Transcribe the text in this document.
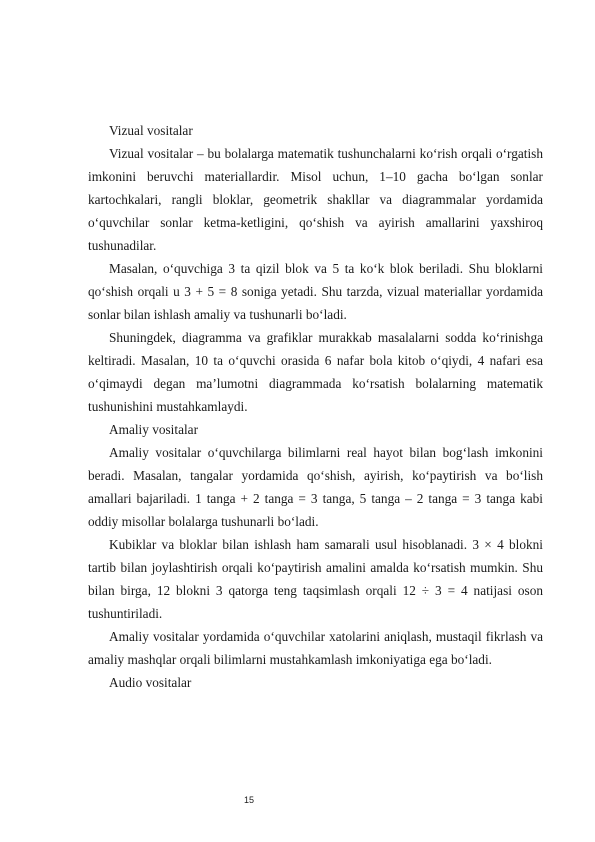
Vizual vositalar

Vizual vositalar – bu bolalarga matematik tushunchalarni ko‘rish orqali o‘rgatish imkonini beruvchi materiallardir. Misol uchun, 1–10 gacha bo‘lgan sonlar kartochkalari, rangli bloklar, geometrik shakllar va diagrammalar yordamida o‘quvchilar sonlar ketma-ketligini, qo‘shish va ayirish amallarini yaxshiroq tushunadilar.

Masalan, o‘quvchiga 3 ta qizil blok va 5 ta ko‘k blok beriladi. Shu bloklarni qo‘shish orqali u 3 + 5 = 8 soniga yetadi. Shu tarzda, vizual materiallar yordamida sonlar bilan ishlash amaliy va tushunarli bo‘ladi.

Shuningdek, diagramma va grafiklar murakkab masalalarni sodda ko‘rinishga keltiradi. Masalan, 10 ta o‘quvchi orasida 6 nafar bola kitob o‘qiydi, 4 nafari esa o‘qimaydi degan ma’lumotni diagrammada ko‘rsatish bolalarning matematik tushunishini mustahkamlaydi.

Amaliy vositalar

Amaliy vositalar o‘quvchilarga bilimlarni real hayot bilan bog‘lash imkonini beradi. Masalan, tangalar yordamida qo‘shish, ayirish, ko‘paytirish va bo‘lish amallari bajariladi. 1 tanga + 2 tanga = 3 tanga, 5 tanga – 2 tanga = 3 tanga kabi oddiy misollar bolalarga tushunarli bo‘ladi.

Kubiklar va bloklar bilan ishlash ham samarali usul hisoblanadi. 3 × 4 blokni tartib bilan joylashtirish orqali ko‘paytirish amalini amalda ko‘rsatish mumkin. Shu bilan birga, 12 blokni 3 qatorga teng taqsimlash orqali 12 ÷ 3 = 4 natijasi oson tushuntiriladi.

Amaliy vositalar yordamida o‘quvchilar xatolarini aniqlash, mustaqil fikrlash va amaliy mashqlar orqali bilimlarni mustahkamlash imkoniyatiga ega bo‘ladi.

Audio vositalar

15
